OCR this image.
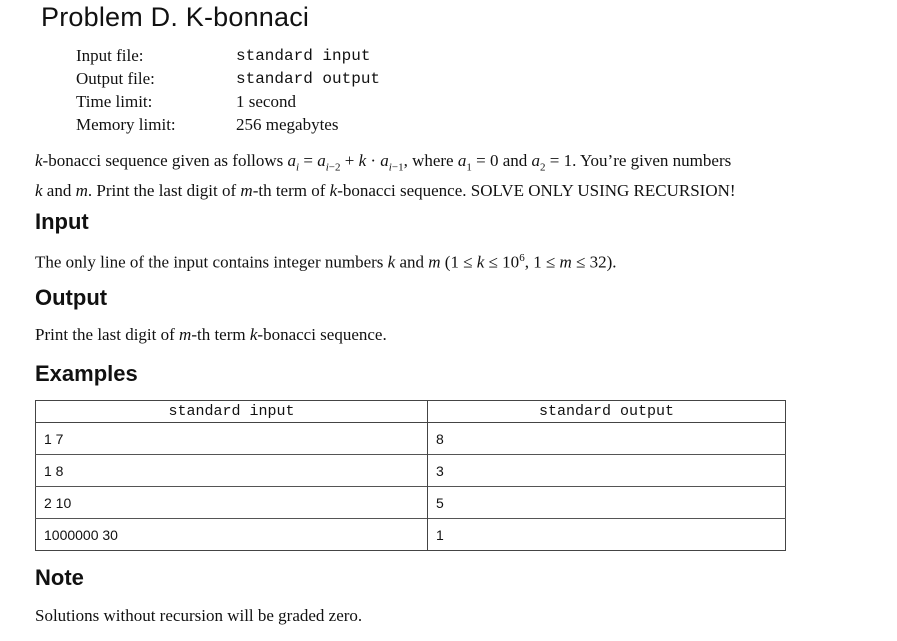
Problem D. K-bonnaci
Input file:	standard input
Output file:	standard output
Time limit:	1 second
Memory limit:	256 megabytes
k-bonacci sequence given as follows $a_i = a_{i-2} + k \cdot a_{i-1}$, where $a_1 = 0$ and $a_2 = 1$. You’re given numbers
k and m. Print the last digit of m-th term of k-bonacci sequence. SOLVE ONLY USING RECURSION!
Input
The only line of the input contains integer numbers k and m ($1 \le k \le 10^6$, 1 ≤ m ≤ 32).
Output
Print the last digit of m-th term k-bonacci sequence.
Examples
standard input	standard output
1 7	8
1 8	3
2 10	5
1000000 30	1
Note
Solutions without recursion will be graded zero.
